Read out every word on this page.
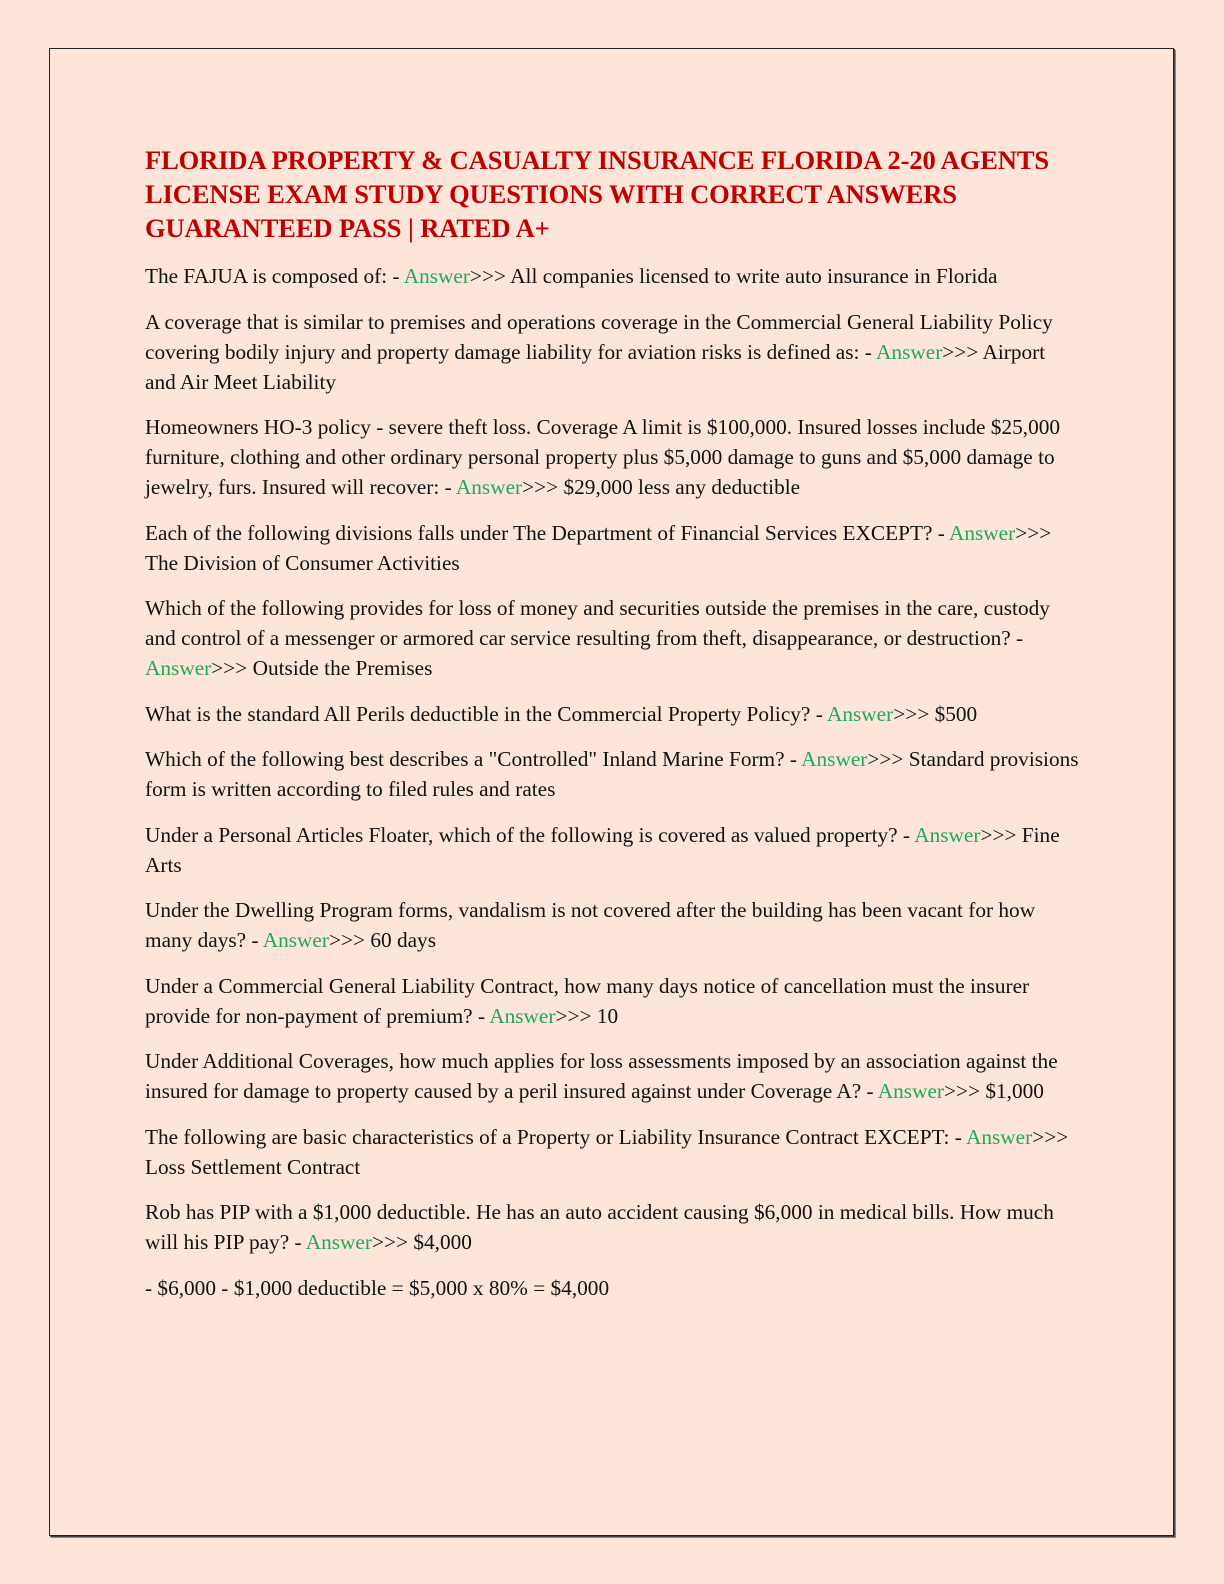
FLORIDA PROPERTY & CASUALTY INSURANCE FLORIDA 2-20 AGENTS LICENSE EXAM STUDY QUESTIONS WITH CORRECT ANSWERS GUARANTEED PASS | RATED A+

The FAJUA is composed of: - Answer>>> All companies licensed to write auto insurance in Florida

A coverage that is similar to premises and operations coverage in the Commercial General Liability Policy covering bodily injury and property damage liability for aviation risks is defined as: - Answer>>> Airport and Air Meet Liability

Homeowners HO-3 policy - severe theft loss. Coverage A limit is $100,000. Insured losses include $25,000 furniture, clothing and other ordinary personal property plus $5,000 damage to guns and $5,000 damage to jewelry, furs. Insured will recover: - Answer>>> $29,000 less any deductible

Each of the following divisions falls under The Department of Financial Services EXCEPT? - Answer>>> The Division of Consumer Activities

Which of the following provides for loss of money and securities outside the premises in the care, custody and control of a messenger or armored car service resulting from theft, disappearance, or destruction? - Answer>>> Outside the Premises

What is the standard All Perils deductible in the Commercial Property Policy? - Answer>>> $500

Which of the following best describes a "Controlled" Inland Marine Form? - Answer>>> Standard provisions form is written according to filed rules and rates

Under a Personal Articles Floater, which of the following is covered as valued property? - Answer>>> Fine Arts

Under the Dwelling Program forms, vandalism is not covered after the building has been vacant for how many days? - Answer>>> 60 days

Under a Commercial General Liability Contract, how many days notice of cancellation must the insurer provide for non-payment of premium? - Answer>>> 10

Under Additional Coverages, how much applies for loss assessments imposed by an association against the insured for damage to property caused by a peril insured against under Coverage A? - Answer>>> $1,000

The following are basic characteristics of a Property or Liability Insurance Contract EXCEPT: - Answer>>> Loss Settlement Contract

Rob has PIP with a $1,000 deductible. He has an auto accident causing $6,000 in medical bills. How much will his PIP pay? - Answer>>> $4,000

- $6,000 - $1,000 deductible = $5,000 x 80% = $4,000
